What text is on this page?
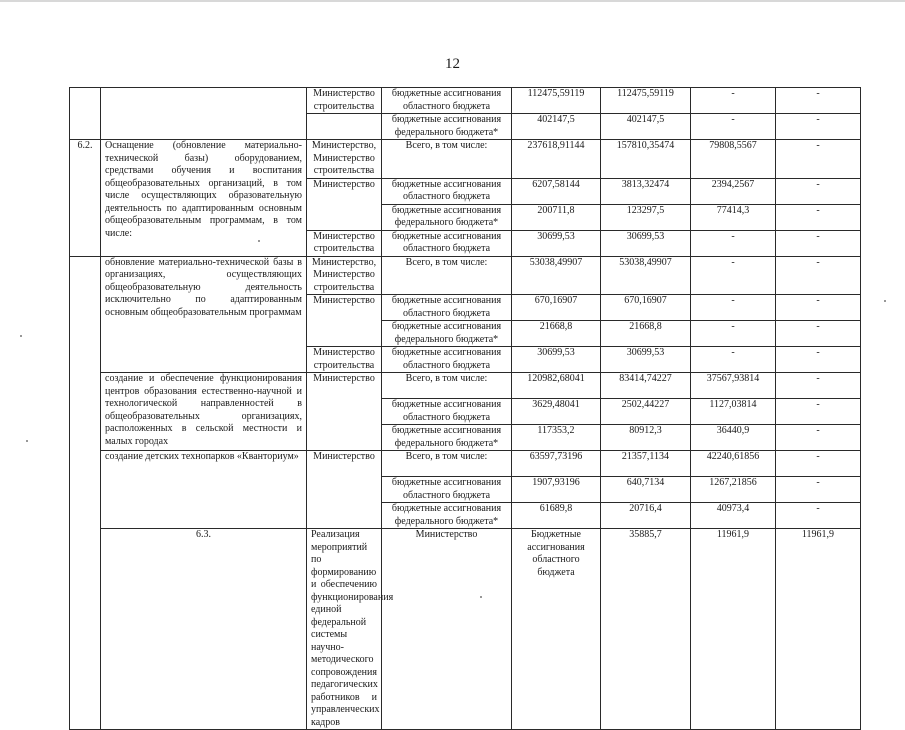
12
		Министерство строительства	бюджетные ассигнования областного бюджета	112475,59119	112475,59119	-	-	
			бюджетные ассигнования федерального бюджета*	402147,5	402147,5	-	-	
6.2.	Оснащение (обновление материально-технической базы) оборудованием, средствами обучения и воспитания общеобразовательных организаций, в том числе осуществляющих образовательную деятельность по адаптированным основным общеобразовательным программам, в том числе:	Министерство, Министерство строительства	Всего, в том числе:	237618,91144	157810,35474	79808,5567	-	
		Министерство	бюджетные ассигнования областного бюджета	6207,58144	3813,32474	2394,2567	-	
			бюджетные ассигнования федерального бюджета*	200711,8	123297,5	77414,3	-	
		Министерство строительства	бюджетные ассигнования областного бюджета	30699,53	30699,53	-	-	
	обновление материально-технической базы в организациях, осуществляющих общеобразовательную деятельность исключительно по адаптированным основным общеобразовательным программам	Министерство, Министерство строительства	Всего, в том числе:	53038,49907	53038,49907	-	-	
		Министерство	бюджетные ассигнования областного бюджета	670,16907	670,16907	-	-	
			бюджетные ассигнования федерального бюджета*	21668,8	21668,8	-	-	
		Министерство строительства	бюджетные ассигнования областного бюджета	30699,53	30699,53	-	-	
	создание и обеспечение функционирования центров образования естественно-научной и технологической направленностей в общеобразовательных организациях, расположенных в сельской местности и малых городах	Министерство	Всего, в том числе:	120982,68041	83414,74227	37567,93814	-	
			бюджетные ассигнования областного бюджета	3629,48041	2502,44227	1127,03814	-	
			бюджетные ассигнования федерального бюджета*	117353,2	80912,3	36440,9	-	
	создание детских технопарков «Кванториум»	Министерство	Всего, в том числе:	63597,73196	21357,1134	42240,61856	-	
			бюджетные ассигнования областного бюджета	1907,93196	640,7134	1267,21856	-	
			бюджетные ассигнования федерального бюджета*	61689,8	20716,4	40973,4	-	
	6.3.	Реализация мероприятий по формированию и обеспечению функционирования единой федеральной системы научно-методического сопровождения педагогических работников и управленческих кадров	Министерство	Бюджетные ассигнования областного бюджета	35885,7	11961,9	11961,9	
